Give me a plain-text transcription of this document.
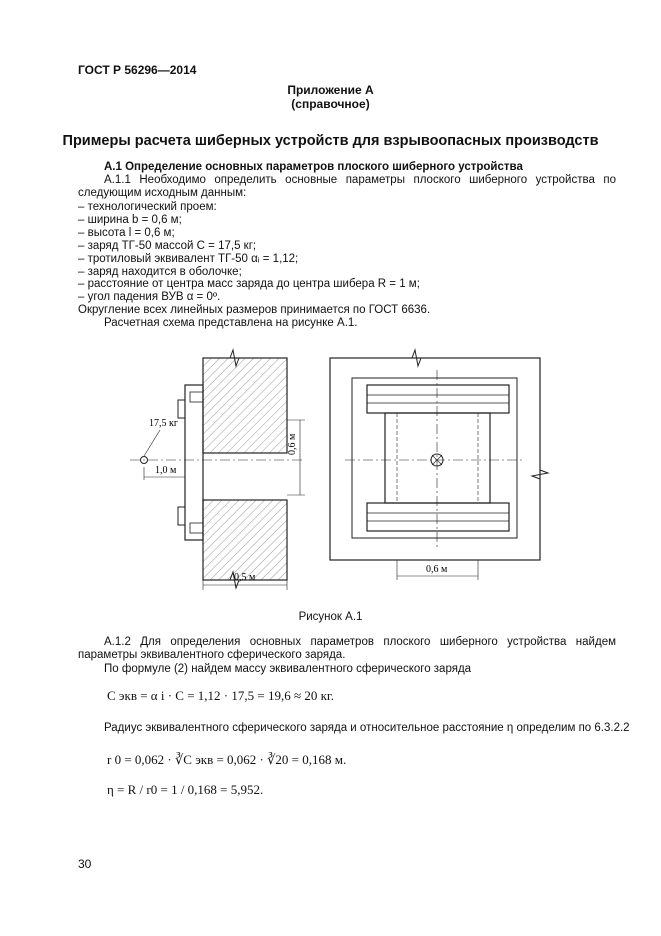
ГОСТ Р 56296—2014
Приложение А
(справочное)
Примеры расчета шиберных устройств для взрывоопасных производств
А.1 Определение основных параметров плоского шиберного устройства
А.1.1 Необходимо определить основные параметры плоского шиберного устройства по следующим исходным данным:
– технологический проем:
– ширина b = 0,6 м;
– высота l = 0,6 м;
– заряд ТГ-50 массой С = 17,5 кг;
– тротиловый эквивалент ТГ-50 αᵢ = 1,12;
– заряд находится в оболочке;
– расстояние от центра масс заряда до центра шибера R = 1 м;
– угол падения ВУВ α = 0º.
Округление всех линейных размеров принимается по ГОСТ 6636.
Расчетная схема представлена на рисунке А.1.
17,5 кг
1,0 м
0,6 м
0,5 м
0,6 м
Рисунок А.1
А.1.2 Для определения основных параметров плоского шиберного устройства найдем параметры эквивалентного сферического заряда.
По формуле (2) найдем массу эквивалентного сферического заряда
C экв = α i · C = 1,12 · 17,5 = 19,6 ≈ 20 кг.
Радиус эквивалентного сферического заряда и относительное расстояние η определим по 6.3.2.2
r 0 = 0,062 · ∛C экв = 0,062 · ∛20 = 0,168 м.
η = R / r0 = 1 / 0,168 = 5,952.
30
